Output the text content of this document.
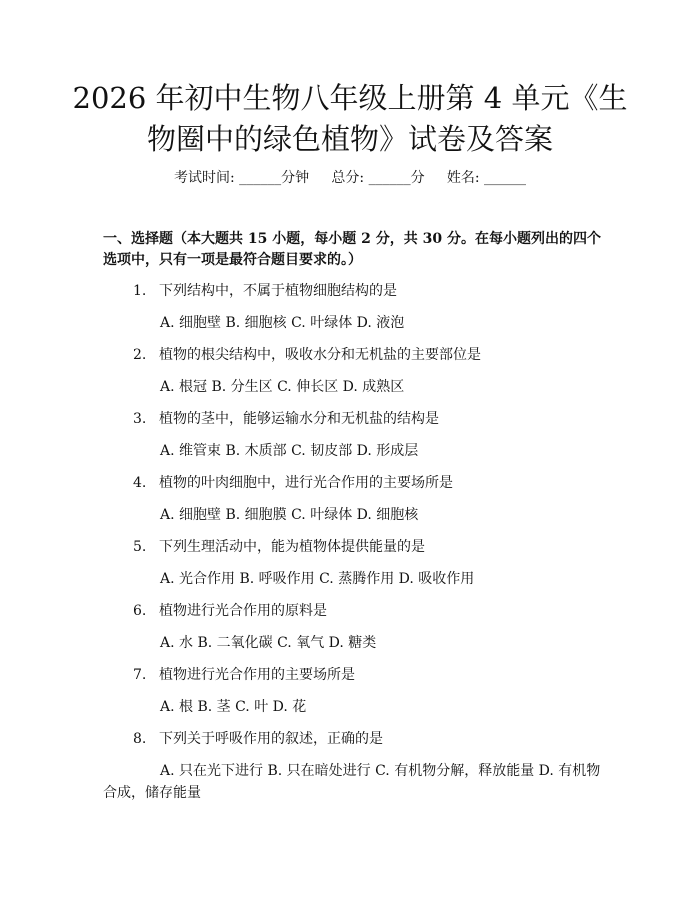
2026 年初中生物八年级上册第 4 单元《生物圈中的绿色植物》试卷及答案
考试时间: ______分钟     总分: ______分     姓名: ______
一、选择题（本大题共 15 小题，每小题 2 分，共 30 分。在每小题列出的四个选项中，只有一项是最符合题目要求的。）
1. 下列结构中，不属于植物细胞结构的是
A. 细胞壁 B. 细胞核 C. 叶绿体 D. 液泡
2. 植物的根尖结构中，吸收水分和无机盐的主要部位是
A. 根冠 B. 分生区 C. 伸长区 D. 成熟区
3. 植物的茎中，能够运输水分和无机盐的结构是
A. 维管束 B. 木质部 C. 韧皮部 D. 形成层
4. 植物的叶肉细胞中，进行光合作用的主要场所是
A. 细胞壁 B. 细胞膜 C. 叶绿体 D. 细胞核
5. 下列生理活动中，能为植物体提供能量的是
A. 光合作用 B. 呼吸作用 C. 蒸腾作用 D. 吸收作用
6. 植物进行光合作用的原料是
A. 水 B. 二氧化碳 C. 氧气 D. 糖类
7. 植物进行光合作用的主要场所是
A. 根 B. 茎 C. 叶 D. 花
8. 下列关于呼吸作用的叙述，正确的是
A. 只在光下进行 B. 只在暗处进行 C. 有机物分解，释放能量 D. 有机物合成，储存能量
